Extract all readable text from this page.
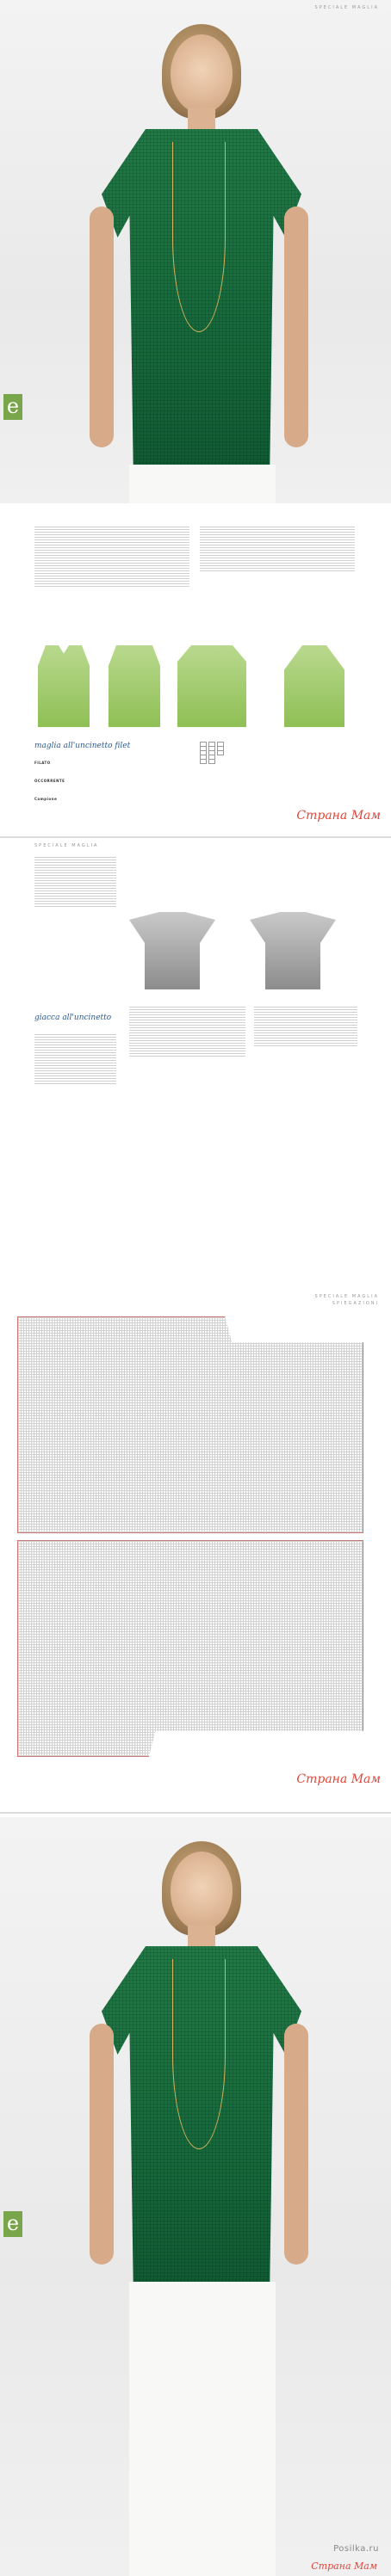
SPECIALE MAGLIA
e
maglia all'uncinetto filet
FILATO
OCCORRENTE
Campione
Страна Мам
SPECIALE MAGLIA
giacca all'uncinetto
SPECIALE MAGLIA
SPIEGAZIONI
Страна Мам
e
Posilka.ru
Страна Мам
